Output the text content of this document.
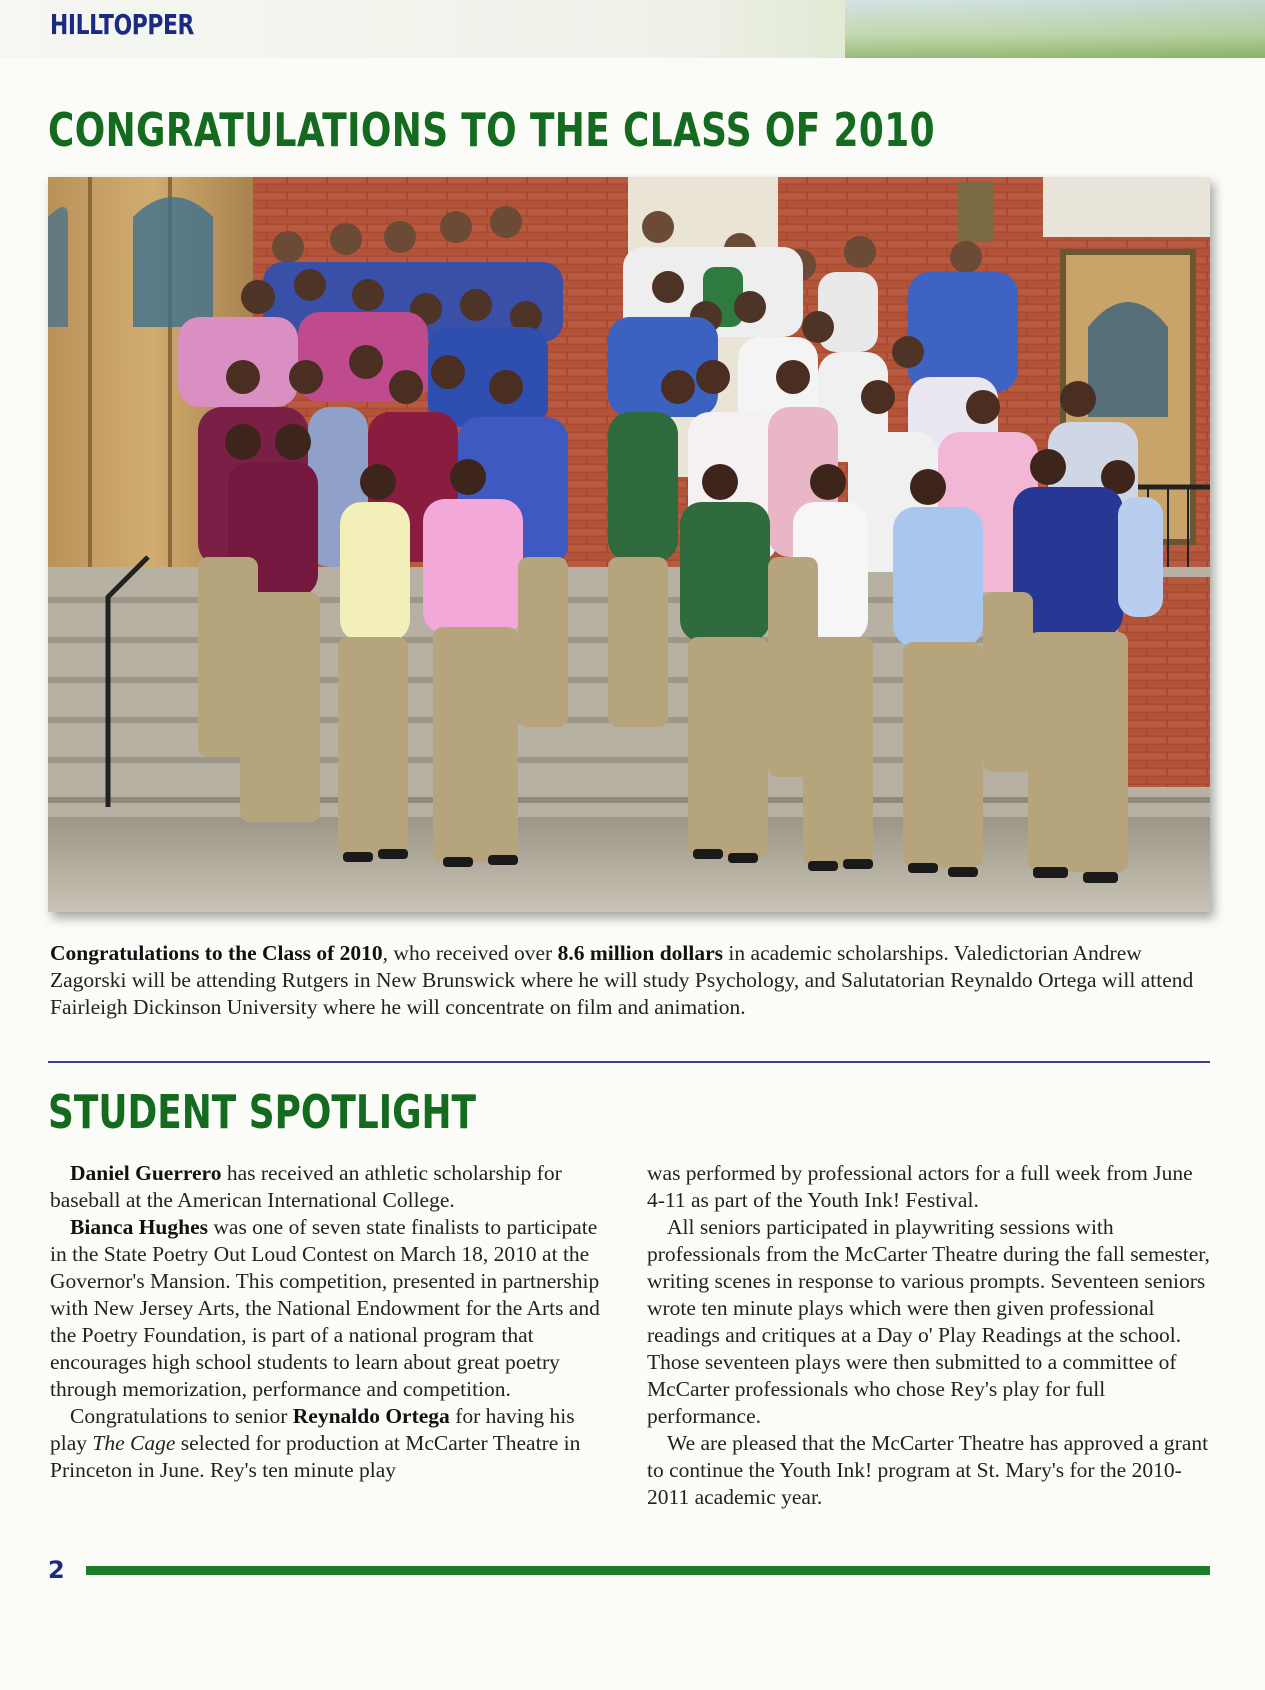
HILLTOPPER
CONGRATULATIONS TO THE CLASS OF 2010
Congratulations to the Class of 2010, who received over 8.6 million dollars in academic scholarships. Valedictorian Andrew Zagorski will be attending Rutgers in New Brunswick where he will study Psychology, and Salutatorian Reynaldo Ortega will attend Fairleigh Dickinson University where he will concentrate on film and animation.
STUDENT SPOTLIGHT

Daniel Guerrero has received an athletic scholarship for baseball at the American International College.

Bianca Hughes was one of seven state finalists to participate in the State Poetry Out Loud Contest on March 18, 2010 at the Governor's Mansion. This competition, presented in partnership with New Jersey Arts, the National Endowment for the Arts and the Poetry Foundation, is part of a national program that encourages high school students to learn about great poetry through memorization, performance and competition.

Congratulations to senior Reynaldo Ortega for having his play The Cage selected for production at McCarter Theatre in Princeton in June. Rey's ten minute play

was performed by professional actors for a full week from June 4-11 as part of the Youth Ink! Festival.

All seniors participated in playwriting sessions with professionals from the McCarter Theatre during the fall semester, writing scenes in response to various prompts. Seventeen seniors wrote ten minute plays which were then given professional readings and critiques at a Day o' Play Readings at the school. Those seventeen plays were then submitted to a committee of McCarter professionals who chose Rey's play for full performance.

We are pleased that the McCarter Theatre has approved a grant to continue the Youth Ink! program at St. Mary's for the 2010-2011 academic year.

2
